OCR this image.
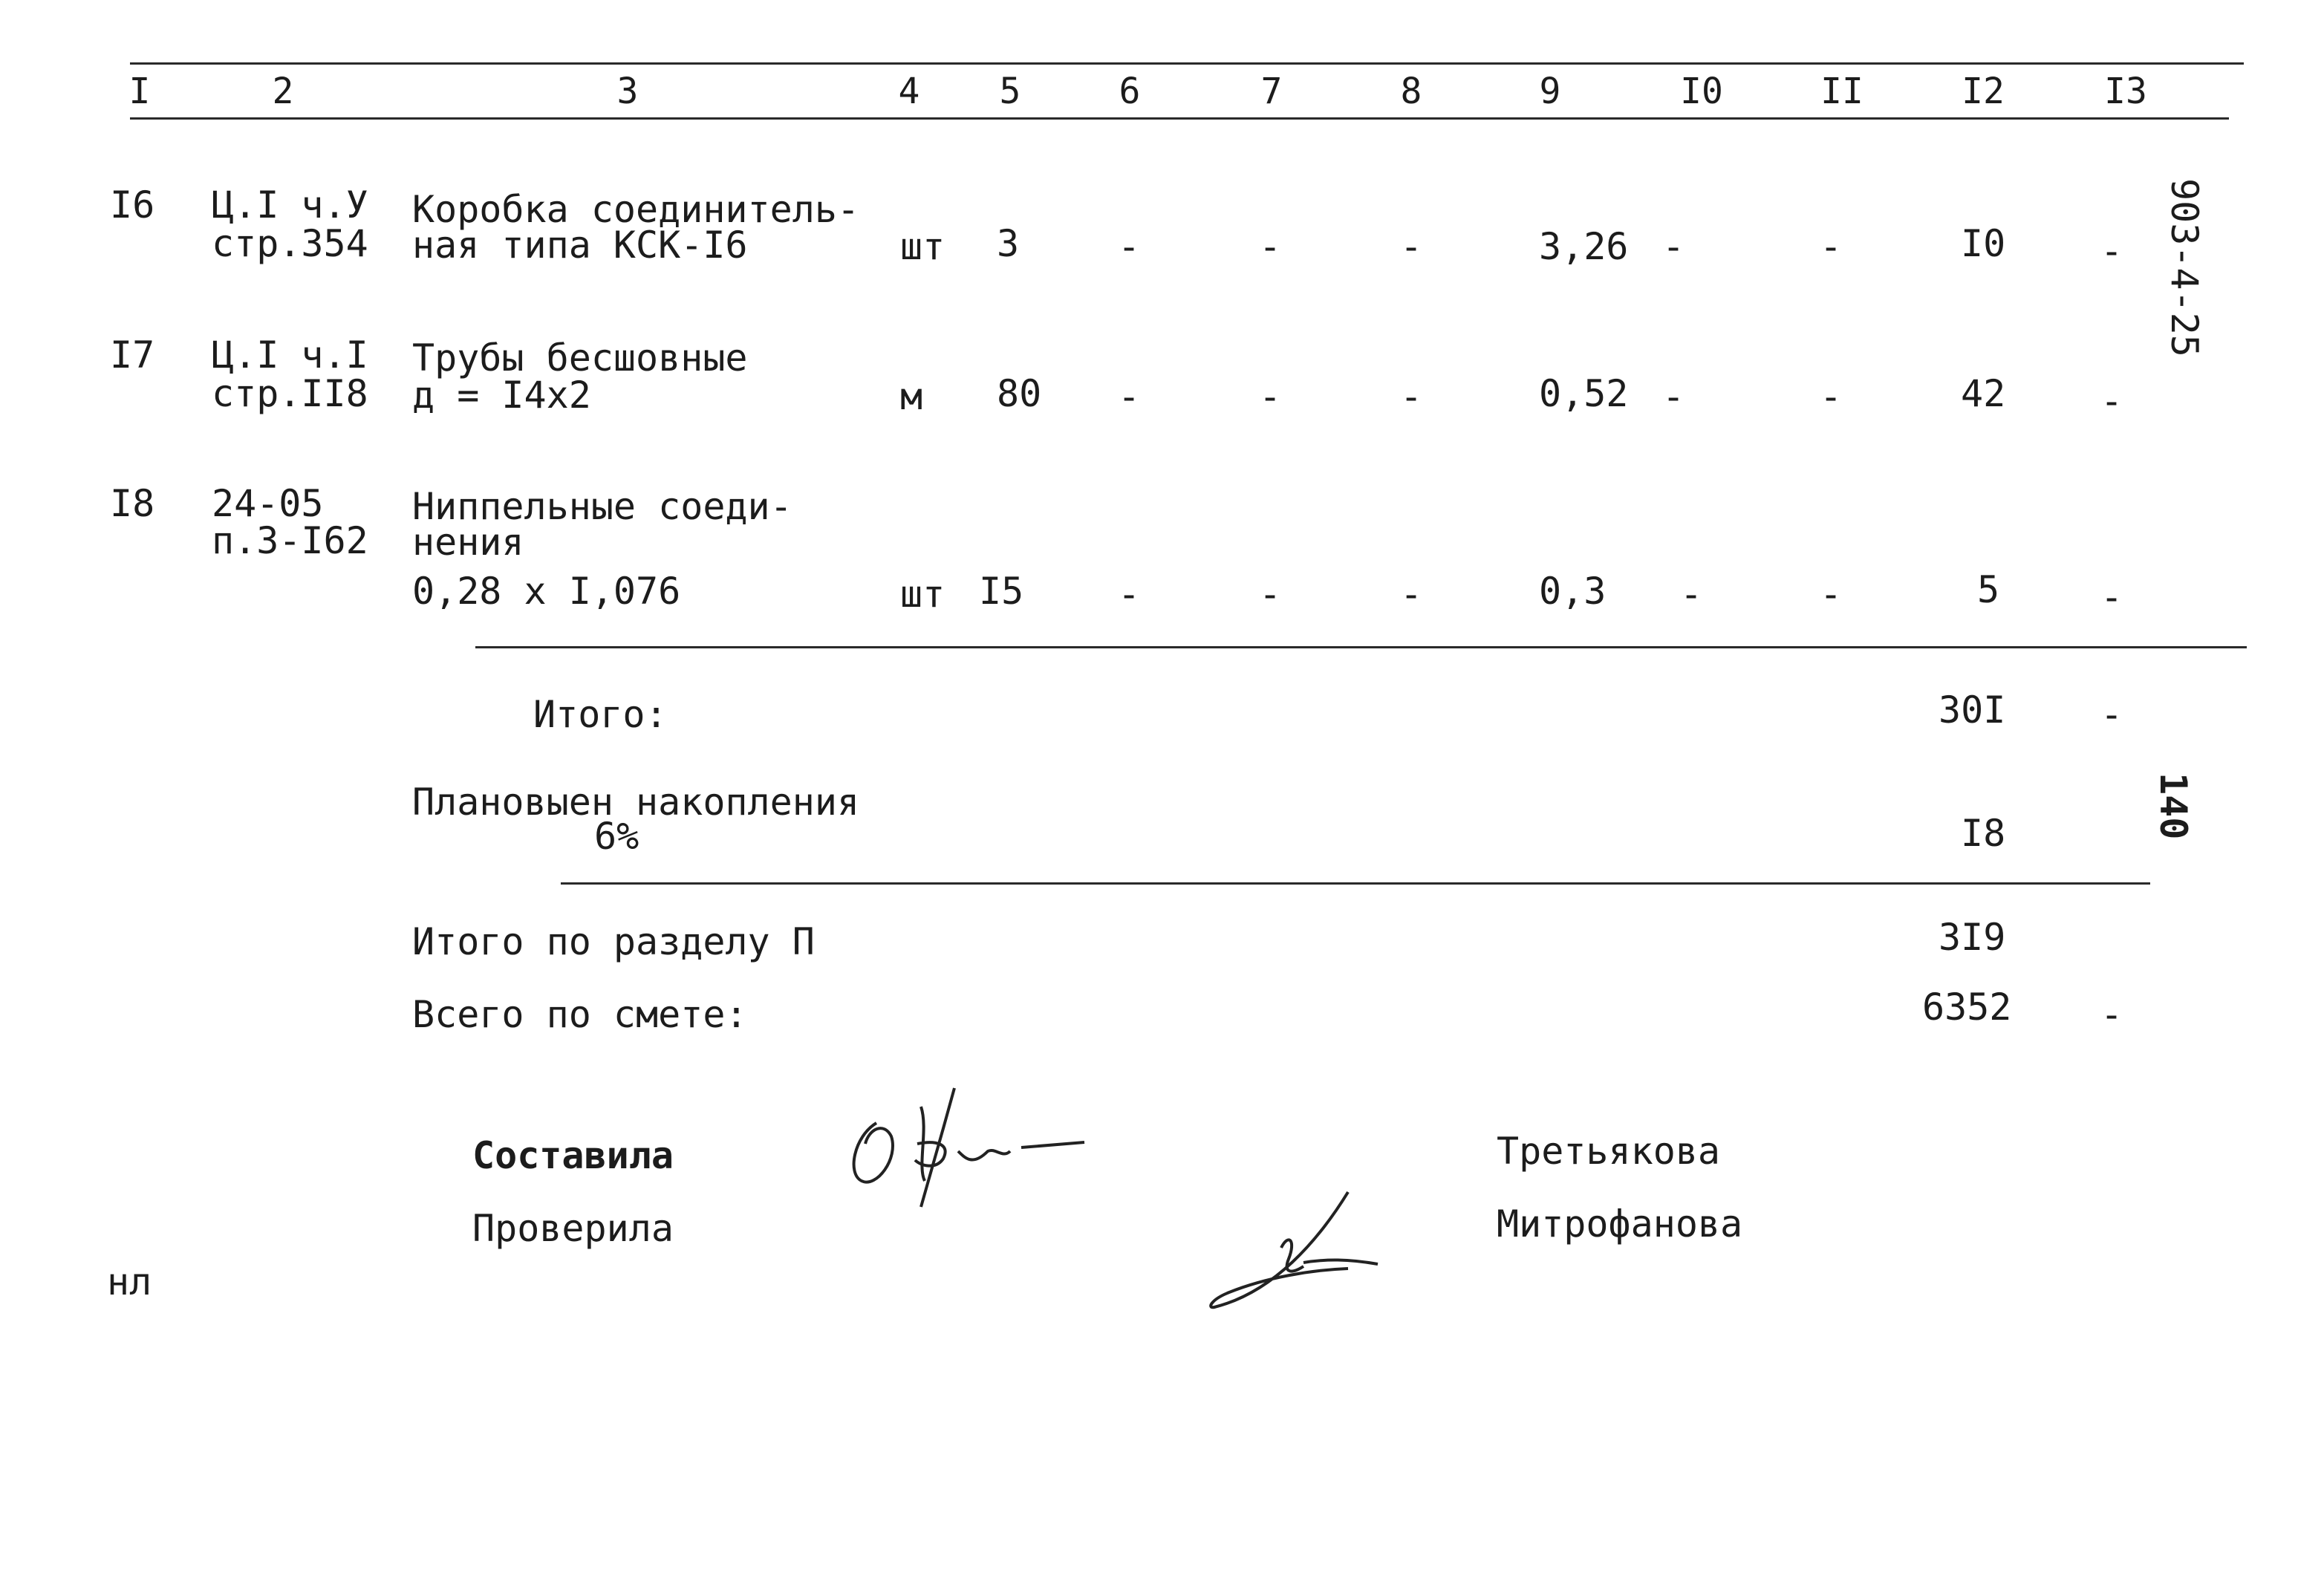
I	2	3	4 5	6	7	8	9	I0	II	I2	I3
I6 Ц.I ч.У
стр.354
Коробка соединитель-
ная типа КСК-I6	шт 3	-	-	-	3,26 -	-	I0	-
I7 Ц.I ч.I
стр.II8
Трубы бесшовные
д = I4х2	м 80 -	-	-	0,52 -	-	42	-
I8 24-05
п.3-I62
Ниппельные соеди-
нения
0,28 х I,076	шт I5	-	-	-	0,3 -	-	5	-
Итого:	30I	-
Плановыен накопления
6%	I8
Итого по разделу П	3I9
Всего по смете:	6352 -
Составила	Третьякова
Проверила	Митрофанова
нл
903-4-25
140
